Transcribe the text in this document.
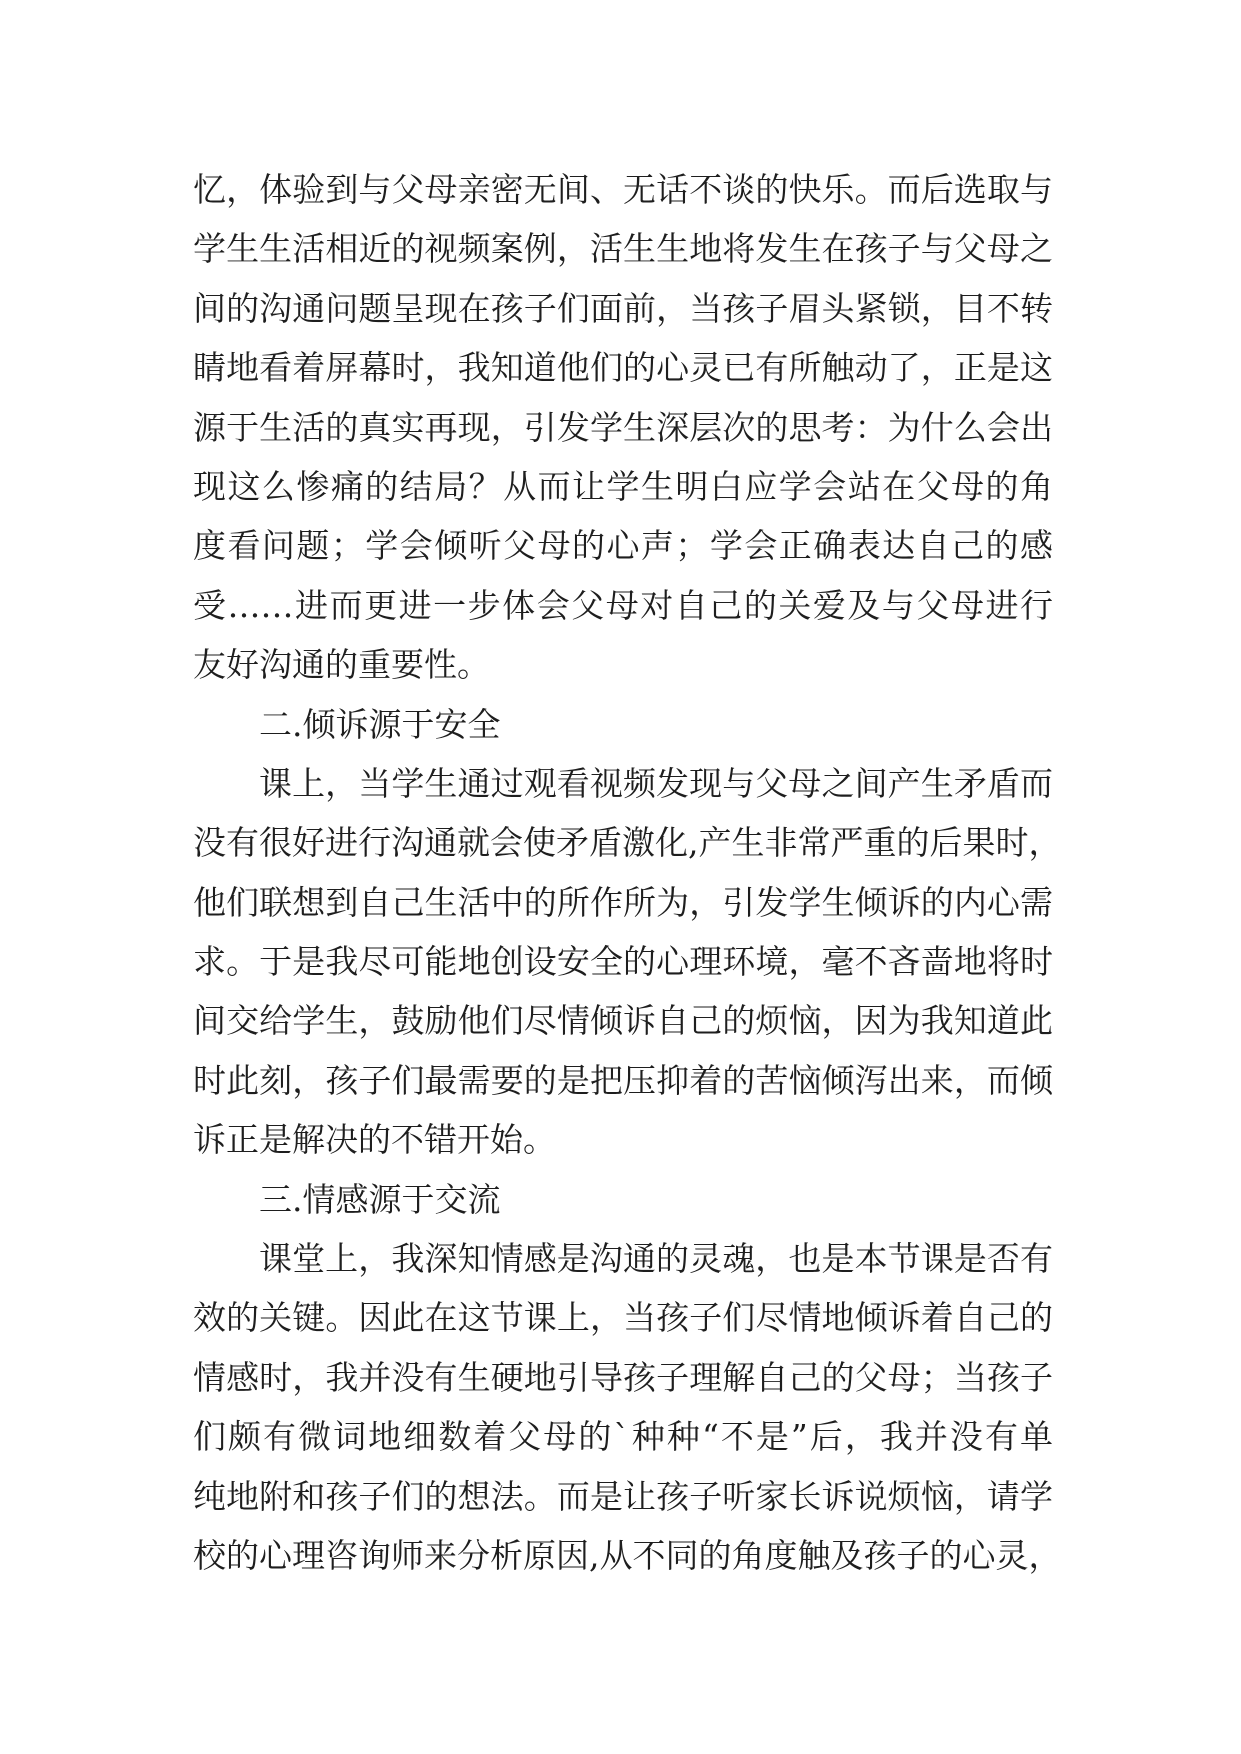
忆，体验到与父母亲密无间、无话不谈的快乐。而后选取与
学生生活相近的视频案例，活生生地将发生在孩子与父母之
间的沟通问题呈现在孩子们面前，当孩子眉头紧锁，目不转
睛地看着屏幕时，我知道他们的心灵已有所触动了，正是这
源于生活的真实再现，引发学生深层次的思考：为什么会出
现这么惨痛的结局？从而让学生明白应学会站在父母的角
度看问题；学会倾听父母的心声；学会正确表达自己的感
受……进而更进一步体会父母对自己的关爱及与父母进行
友好沟通的重要性。
二.倾诉源于安全
课上，当学生通过观看视频发现与父母之间产生矛盾而
没有很好进行沟通就会使矛盾激化,产生非常严重的后果时，
他们联想到自己生活中的所作所为，引发学生倾诉的内心需
求。于是我尽可能地创设安全的心理环境，毫不吝啬地将时
间交给学生，鼓励他们尽情倾诉自己的烦恼，因为我知道此
时此刻，孩子们最需要的是把压抑着的苦恼倾泻出来，而倾
诉正是解决的不错开始。
三.情感源于交流
课堂上，我深知情感是沟通的灵魂，也是本节课是否有
效的关键。因此在这节课上，当孩子们尽情地倾诉着自己的
情感时，我并没有生硬地引导孩子理解自己的父母；当孩子
们颇有微词地细数着父母的`种种“不是”后，我并没有单
纯地附和孩子们的想法。而是让孩子听家长诉说烦恼，请学
校的心理咨询师来分析原因,从不同的角度触及孩子的心灵，
